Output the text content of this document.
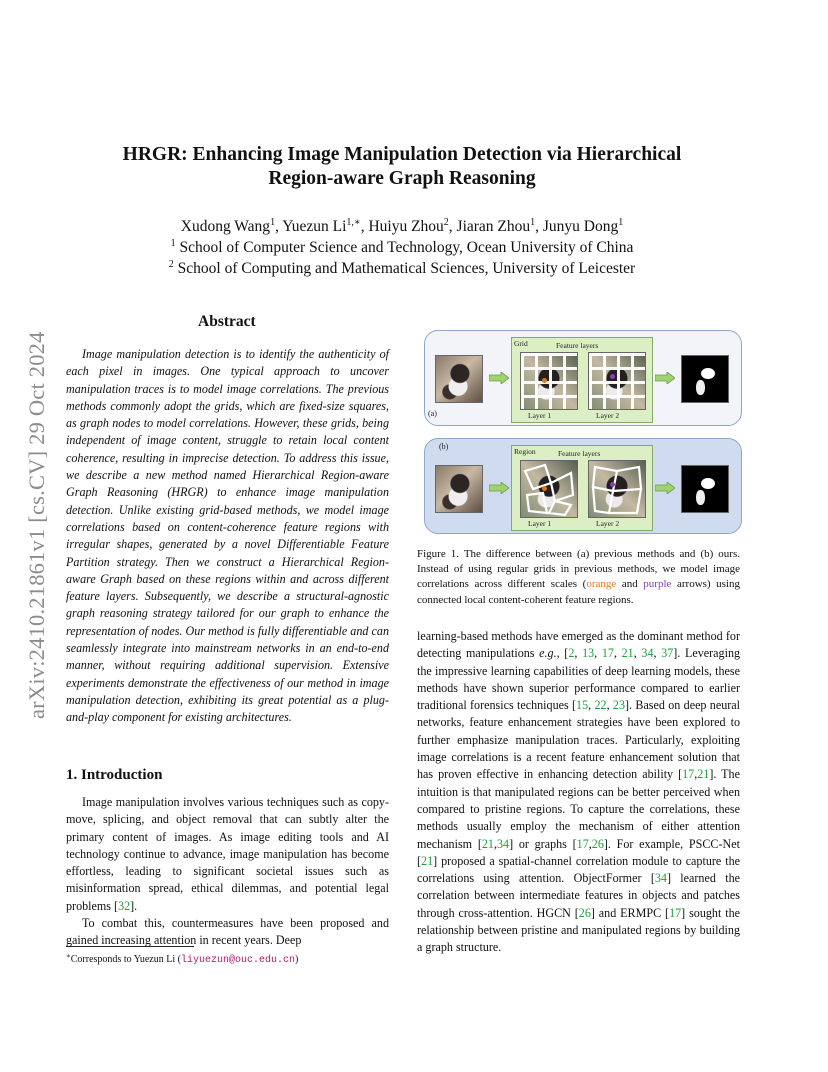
arXiv:2410.21861v1 [cs.CV] 29 Oct 2024
HRGR: Enhancing Image Manipulation Detection via Hierarchical
Region-aware Graph Reasoning
Xudong Wang$^1$, Yuezun $Li^{1,∗}$, Huiyu Zhou$^2$, Jiaran Zhou$^1$, Junyu Dong$^1$
$^1$ School of Computer Science and Technology, Ocean University of China
$^2$ School of Computing and Mathematical Sciences, University of Leicester
Abstract

Image manipulation detection is to identify the authenticity of each pixel in images. One typical approach to uncover manipulation traces is to model image correlations. The previous methods commonly adopt the grids, which are fixed-size squares, as graph nodes to model correlations. However, these grids, being independent of image content, struggle to retain local content coherence, resulting in imprecise detection. To address this issue, we describe a new method named Hierarchical Region-aware Graph Reasoning (HRGR) to enhance image manipulation detection. Unlike existing grid-based methods, we model image correlations based on content-coherence feature regions with irregular shapes, generated by a novel Differentiable Feature Partition strategy. Then we construct a Hierarchical Region-aware Graph based on these regions within and across different feature layers. Subsequently, we describe a structural-agnostic graph reasoning strategy tailored for our graph to enhance the representation of nodes. Our method is fully differentiable and can seamlessly integrate into mainstream networks in an end-to-end manner, without requiring additional supervision. Extensive experiments demonstrate the effectiveness of our method in image manipulation detection, exhibiting its great potential as a plug-and-play component for existing architectures.

1. Introduction

Image manipulation involves various techniques such as copy-move, splicing, and object removal that can subtly alter the primary content of images. As image editing tools and AI technology continue to advance, image manipulation has become effortless, leading to significant societal issues such as misinformation spread, ethical dilemmas, and potential legal problems [32].

To combat this, countermeasures have been proposed and gained increasing attention in recent years. Deep

∗Corresponds to Yuezun Li (liyuezun@ouc.edu.cn)
(a)
Grid	Feature layers
Layer 1	Layer 2
(b)
Region	Feature layers
Layer 1	Layer 2

Figure 1. The difference between (a) previous methods and (b) ours. Instead of using regular grids in previous methods, we model image correlations across different scales (orange and purple arrows) using connected local content-coherent feature regions.

learning-based methods have emerged as the dominant method for detecting manipulations e.g., [2, 13, 17, 21, 34, 37]. Leveraging the impressive learning capabilities of deep learning models, these methods have shown superior performance compared to earlier traditional forensics techniques [15, 22, 23]. Based on deep neural networks, feature enhancement strategies have been explored to further emphasize manipulation traces. Particularly, exploiting image correlations is a recent feature enhancement solution that has proven effective in enhancing detection ability [17,21]. The intuition is that manipulated regions can be better perceived when compared to pristine regions. To capture the correlations, these methods usually employ the mechanism of either attention mechanism [21,34] or graphs [17,26]. For example, PSCC-Net [21] proposed a spatial-channel correlation module to capture the correlations using attention. ObjectFormer [34] learned the correlation between intermediate features in objects and patches through cross-attention. HGCN [26] and ERMPC [17] sought the relationship between pristine and manipulated regions by building a graph structure.
